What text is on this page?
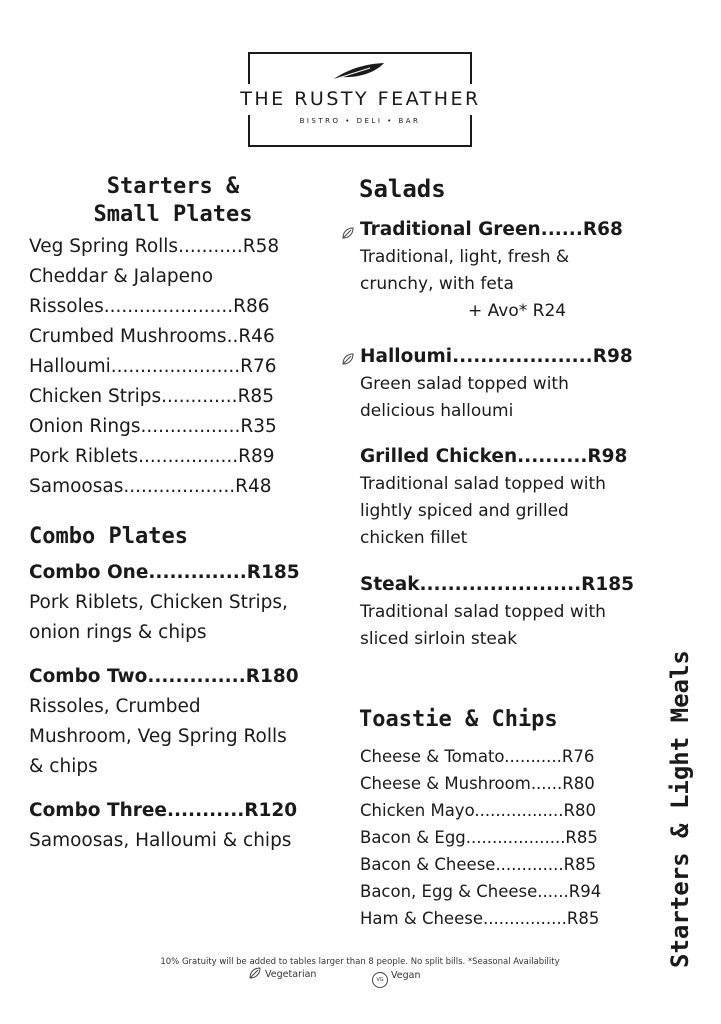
THE RUSTY FEATHER
BISTRO • DELI • BAR
Starters &
Small Plates
Veg Spring Rolls...........R58
Cheddar & Jalapeno
Rissoles......................R86
Crumbed Mushrooms..R46
Halloumi......................R76
Chicken Strips.............R85
Onion Rings.................R35
Pork Riblets.................R89
Samoosas...................R48
Combo Plates
Combo One..............R185
Pork Riblets, Chicken Strips, onion rings & chips
Combo Two..............R180
Rissoles, Crumbed Mushroom, Veg Spring Rolls & chips
Combo Three...........R120
Samoosas, Halloumi & chips
Salads
Traditional Green......R68
Traditional, light, fresh & crunchy, with feta
+ Avo* R24
Halloumi....................R98
Green salad topped with delicious halloumi
Grilled Chicken..........R98
Traditional salad topped with lightly spiced and grilled chicken fillet
Steak.......................R185
Traditional salad topped with sliced sirloin steak
Toastie & Chips
Cheese & Tomato...........R76
Cheese & Mushroom......R80
Chicken Mayo.................R80
Bacon & Egg...................R85
Bacon & Cheese.............R85
Bacon, Egg & Cheese......R94
Ham & Cheese................R85	Starters & Light Meals
10% Gratuity will be added to tables larger than 8 people. No split bills. *Seasonal Availability
Vegetarian	VG Vegan
